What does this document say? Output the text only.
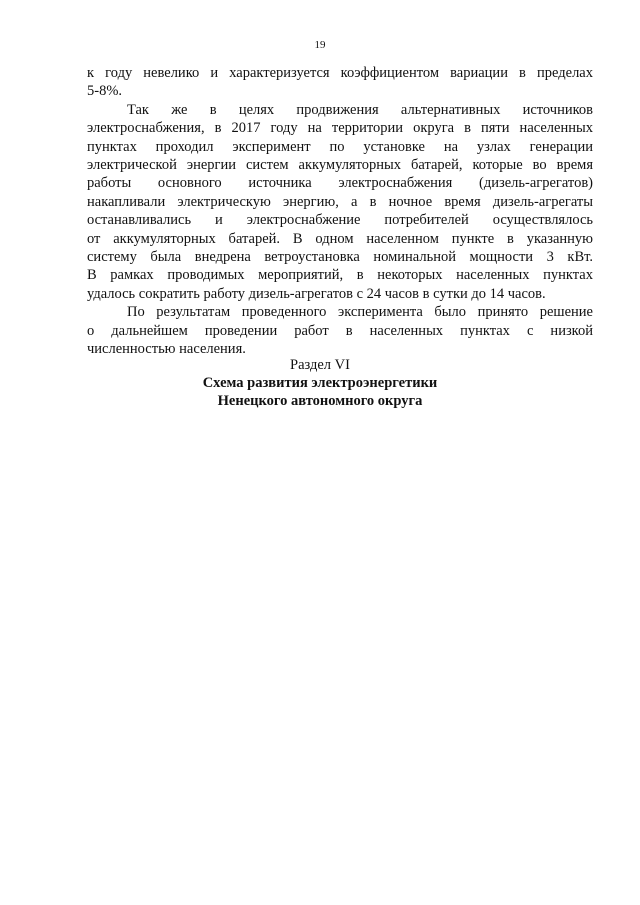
19

к году невелико и характеризуется коэффициентом вариации в пределах
5-8%.

Так же в целях продвижения альтернативных источников
электроснабжения, в 2017 году на территории округа в пяти населенных
пунктах проходил эксперимент по установке на узлах генерации
электрической энергии систем аккумуляторных батарей, которые во время
работы основного источника электроснабжения (дизель-агрегатов)
накапливали электрическую энергию, а в ночное время дизель-агрегаты
останавливались и электроснабжение потребителей осуществлялось
от аккумуляторных батарей. В одном населенном пункте в указанную
систему была внедрена ветроустановка номинальной мощности 3 кВт.
В рамках проводимых мероприятий, в некоторых населенных пунктах
удалось сократить работу дизель-агрегатов с 24 часов в сутки до 14 часов.

По результатам проведенного эксперимента было принято решение
о дальнейшем проведении работ в населенных пунктах с низкой
численностью населения.

Раздел VI
Схема развития электроэнергетики
Ненецкого автономного округа
